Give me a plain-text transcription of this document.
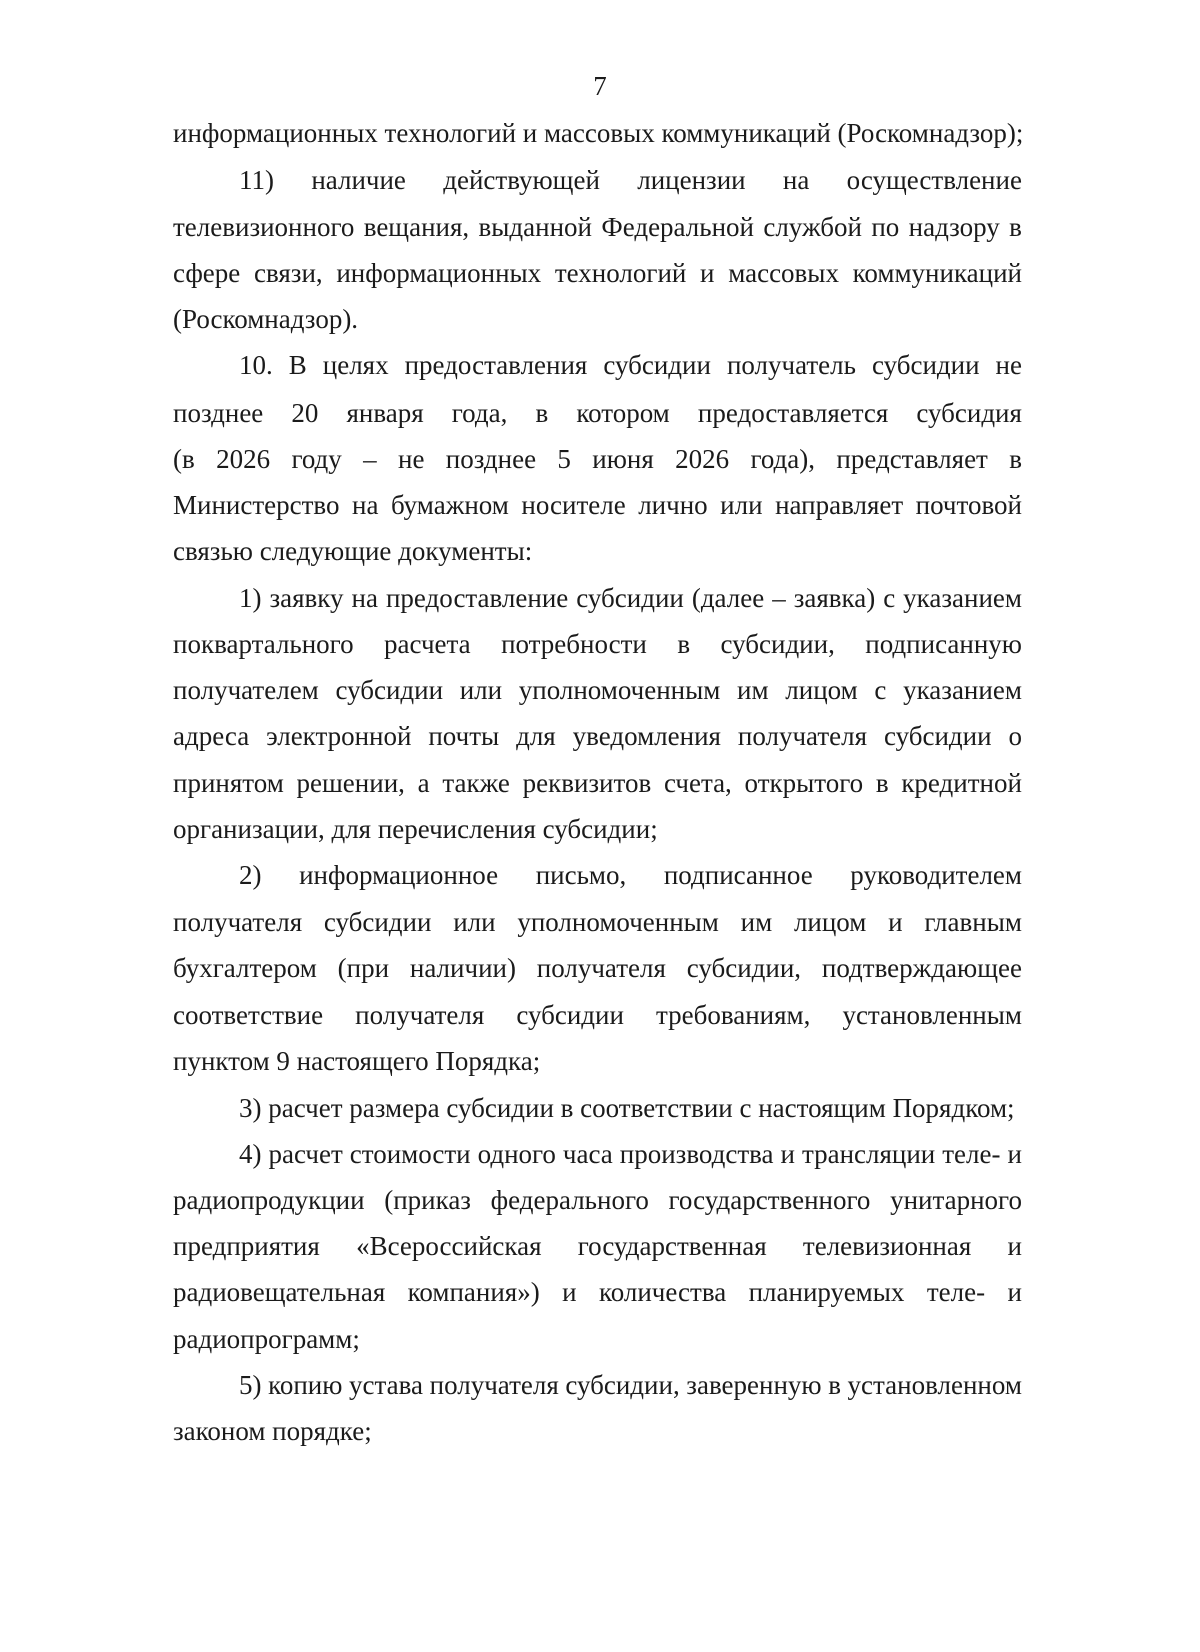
7
информационных технологий и массовых коммуникаций (Роскомнадзор);
11) наличие действующей лицензии на осуществление
телевизионного вещания, выданной Федеральной службой по надзору в
сфере связи, информационных технологий и массовых коммуникаций
(Роскомнадзор).
10. В целях предоставления субсидии получатель субсидии не
позднее 20 января года, в котором предоставляется субсидия
(в 2026 году – не позднее 5 июня 2026 года), представляет в
Министерство на бумажном носителе лично или направляет почтовой
связью следующие документы:
1) заявку на предоставление субсидии (далее – заявка) с указанием
поквартального расчета потребности в субсидии, подписанную
получателем субсидии или уполномоченным им лицом с указанием
адреса электронной почты для уведомления получателя субсидии о
принятом решении, а также реквизитов счета, открытого в кредитной
организации, для перечисления субсидии;
2) информационное письмо, подписанное руководителем
получателя субсидии или уполномоченным им лицом и главным
бухгалтером (при наличии) получателя субсидии, подтверждающее
соответствие получателя субсидии требованиям, установленным
пунктом 9 настоящего Порядка;
3) расчет размера субсидии в соответствии с настоящим Порядком;
4) расчет стоимости одного часа производства и трансляции теле- и
радиопродукции (приказ федерального государственного унитарного
предприятия «Всероссийская государственная телевизионная и
радиовещательная компания») и количества планируемых теле- и
радиопрограмм;
5) копию устава получателя субсидии, заверенную в установленном
законом порядке;
